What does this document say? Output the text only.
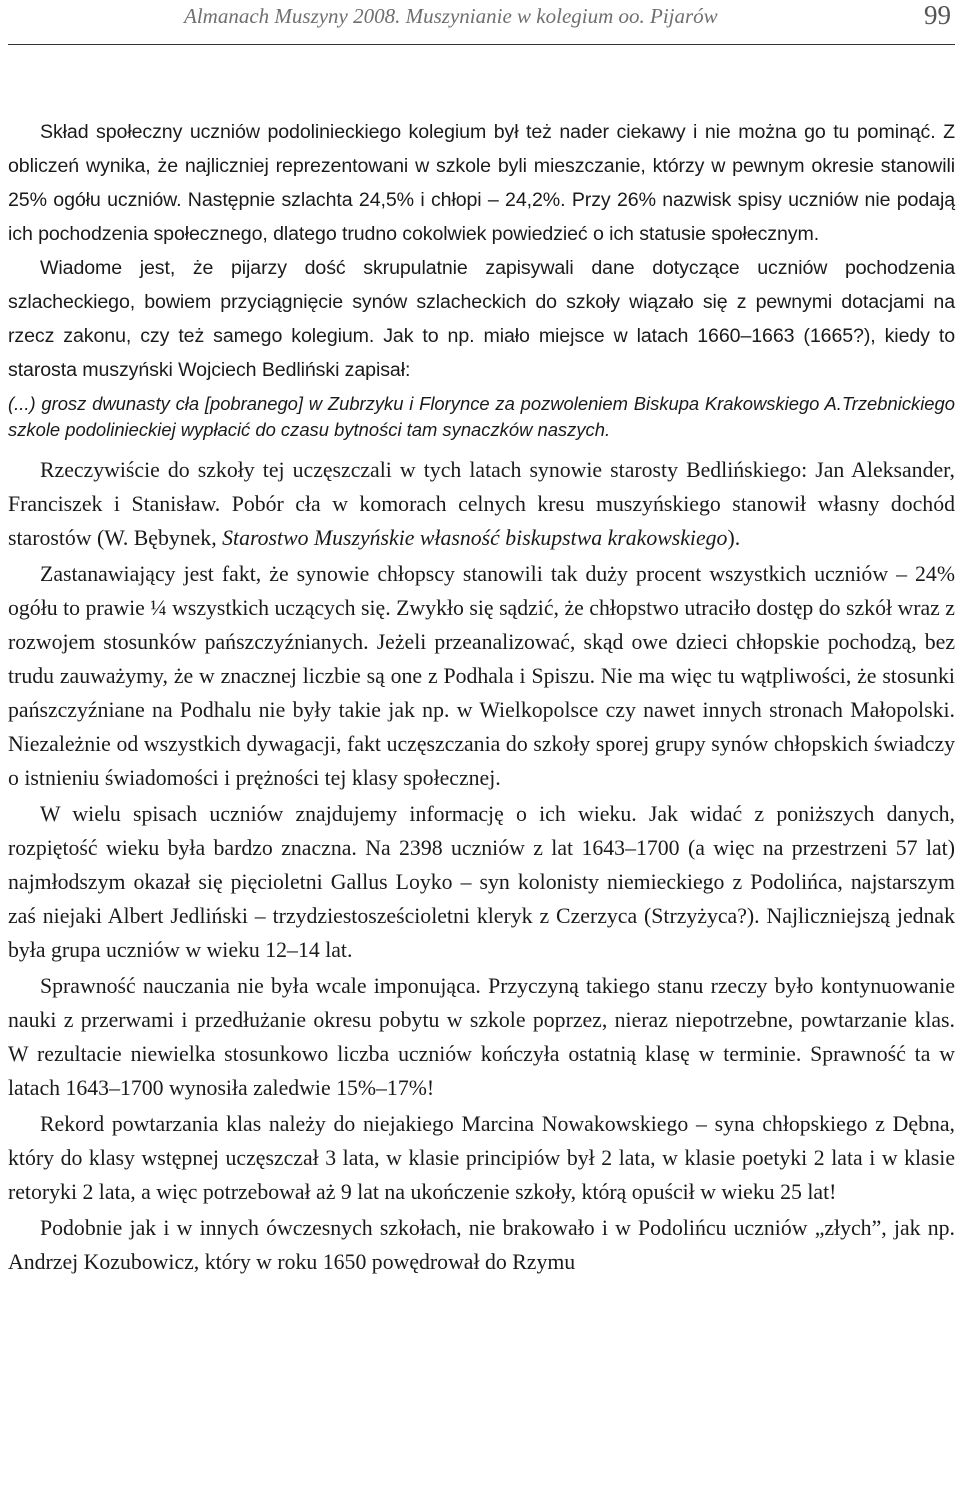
Almanach Muszyny 2008. Muszynianie w kolegium oo. Pijarów	99

Skład społeczny uczniów podolinieckiego kolegium był też nader ciekawy i nie można go tu pominąć. Z obliczeń wynika, że najliczniej reprezentowani w szkole byli mieszczanie, którzy w pewnym okresie stanowili 25% ogółu uczniów. Następnie szlachta 24,5% i chłopi – 24,2%. Przy 26% nazwisk spisy uczniów nie podają ich pochodzenia społecznego, dlatego trudno cokolwiek powiedzieć o ich statusie społecznym.

Wiadome jest, że pijarzy dość skrupulatnie zapisywali dane dotyczące uczniów pochodzenia szlacheckiego, bowiem przyciągnięcie synów szlacheckich do szkoły wiązało się z pewnymi dotacjami na rzecz zakonu, czy też samego kolegium. Jak to np. miało miejsce w latach 1660–1663 (1665?), kiedy to starosta muszyński Wojciech Bedliński zapisał:

(...) grosz dwunasty cła [pobranego] w Zubrzyku i Florynce za pozwoleniem Biskupa Krakowskiego A.Trzebnickiego szkole podolinieckiej wypłacić do czasu bytności tam synaczków naszych.

Rzeczywiście do szkoły tej uczęszczali w tych latach synowie starosty Bedlińskiego: Jan Aleksander, Franciszek i Stanisław. Pobór cła w komorach celnych kresu muszyńskiego stanowił własny dochód starostów (W. Bębynek, Starostwo Muszyńskie własność biskupstwa krakowskiego).

Zastanawiający jest fakt, że synowie chłopscy stanowili tak duży procent wszystkich uczniów – 24% ogółu to prawie ¼ wszystkich uczących się. Zwykło się sądzić, że chłopstwo utraciło dostęp do szkół wraz z rozwojem stosunków pańszczyźnianych. Jeżeli przeanalizować, skąd owe dzieci chłopskie pochodzą, bez trudu zauważymy, że w znacznej liczbie są one z Podhala i Spiszu. Nie ma więc tu wątpliwości, że stosunki pańszczyźniane na Podhalu nie były takie jak np. w Wielkopolsce czy nawet innych stronach Małopolski. Niezależnie od wszystkich dywagacji, fakt uczęszczania do szkoły sporej grupy synów chłopskich świadczy o istnieniu świadomości i prężności tej klasy społecznej.

W wielu spisach uczniów znajdujemy informację o ich wieku. Jak widać z poniższych danych, rozpiętość wieku była bardzo znaczna. Na 2398 uczniów z lat 1643–1700 (a więc na przestrzeni 57 lat) najmłodszym okazał się pięcioletni Gallus Loyko – syn kolonisty niemieckiego z Podolińca, najstarszym zaś niejaki Albert Jedliński – trzydziestosześcioletni kleryk z Czerzyca (Strzyżyca?). Najliczniejszą jednak była grupa uczniów w wieku 12–14 lat.

Sprawność nauczania nie była wcale imponująca. Przyczyną takiego stanu rzeczy było kontynuowanie nauki z przerwami i przedłużanie okresu pobytu w szkole poprzez, nieraz niepotrzebne, powtarzanie klas. W rezultacie niewielka stosunkowo liczba uczniów kończyła ostatnią klasę w terminie. Sprawność ta w latach 1643–1700 wynosiła zaledwie 15%–17%!

Rekord powtarzania klas należy do niejakiego Marcina Nowakowskiego – syna chłopskiego z Dębna, który do klasy wstępnej uczęszczał 3 lata, w klasie principiów był 2 lata, w klasie poetyki 2 lata i w klasie retoryki 2 lata, a więc potrzebował aż 9 lat na ukończenie szkoły, którą opuścił w wieku 25 lat!

Podobnie jak i w innych ówczesnych szkołach, nie brakowało i w Podolińcu uczniów „złych”, jak np. Andrzej Kozubowicz, który w roku 1650 powędrował do Rzymu
